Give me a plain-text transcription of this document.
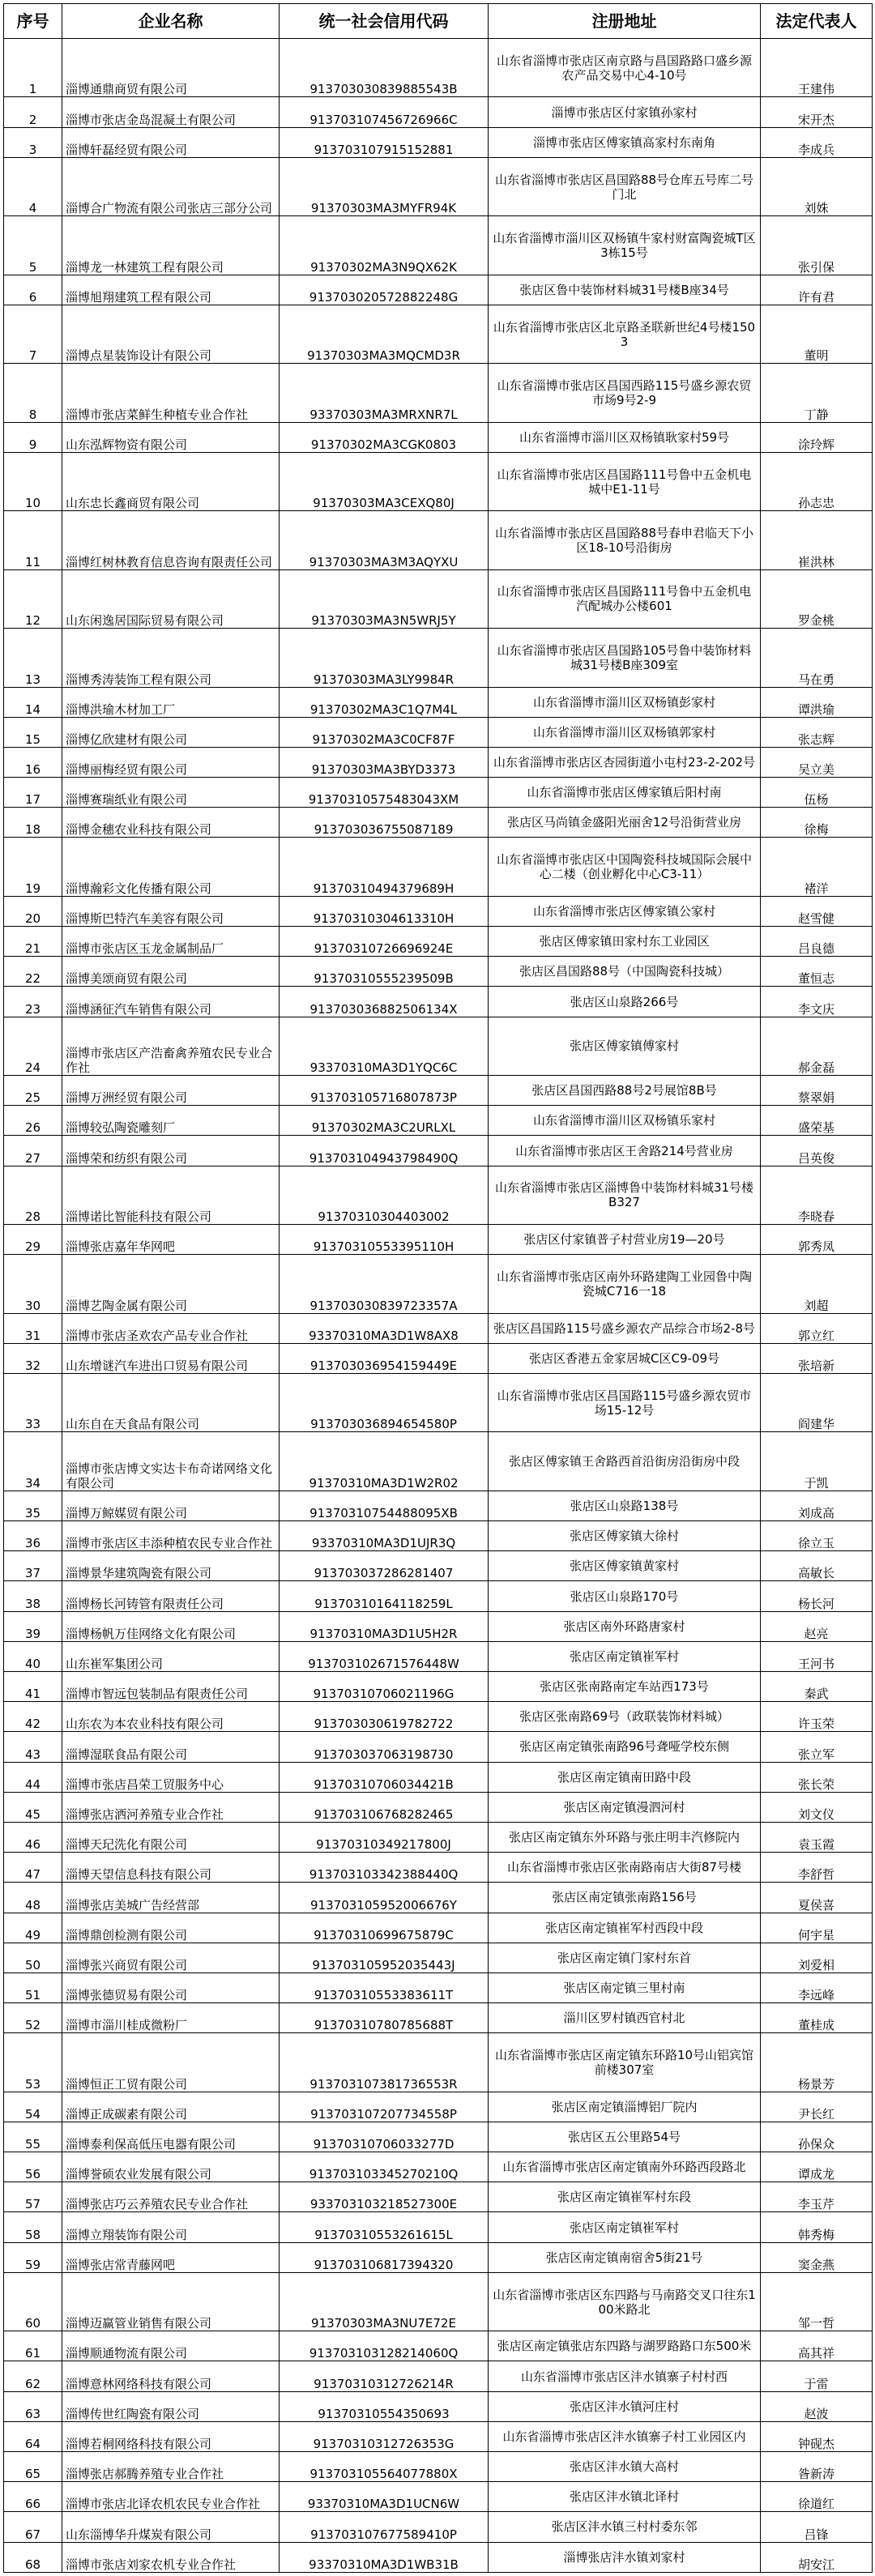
序号	企业名称	统一社会信用代码	注册地址	法定代表人
1	淄博通鼎商贸有限公司	913703030839885543B	山东省淄博市张店区南京路与昌国路路口盛乡源农产品交易中心4-10号	王建伟
2	淄博市张店金岛混凝土有限公司	913703107456726966C	淄博市张店区付家镇孙家村	宋开杰
3	淄博轩磊经贸有限公司	913703107915152881	淄博市张店区傅家镇高家村东南角	李成兵
4	淄博合广物流有限公司张店三部分公司	91370303MA3MYFR94K	山东省淄博市张店区昌国路88号仓库五号库二号门北	刘姝
5	淄博龙一林建筑工程有限公司	91370302MA3N9QX62K	山东省淄博市淄川区双杨镇牛家村财富陶瓷城T区3栋15号	张引保
6	淄博旭翔建筑工程有限公司	913703020572882248G	张店区鲁中装饰材料城31号楼B座34号	许有君
7	淄博点星装饰设计有限公司	91370303MA3MQCMD3R	山东省淄博市张店区北京路圣联新世纪4号楼1503	董明
8	淄博市张店菜鲜生种植专业合作社	93370303MA3MRXNR7L	山东省淄博市张店区昌国西路115号盛乡源农贸市场9号2-9	丁静
9	山东泓辉物资有限公司	91370302MA3CGK0803	山东省淄博市淄川区双杨镇耿家村59号	涂玲辉
10	山东忠长鑫商贸有限公司	91370303MA3CEXQ80J	山东省淄博市张店区昌国路111号鲁中五金机电城中E1-11号	孙志忠
11	淄博红树林教育信息咨询有限责任公司	91370303MA3M3AQYXU	山东省淄博市张店区昌国路88号春申君临天下小区18-10号沿街房	崔洪林
12	山东闲逸居国际贸易有限公司	91370303MA3N5WRJ5Y	山东省淄博市张店区昌国路111号鲁中五金机电汽配城办公楼601	罗金桃
13	淄博秀涛装饰工程有限公司	91370303MA3LY9984R	山东省淄博市张店区昌国路105号鲁中装饰材料城31号楼B座309室	马在勇
14	淄博洪瑜木材加工厂	91370302MA3C1Q7M4L	山东省淄博市淄川区双杨镇彭家村	谭洪瑜
15	淄博亿欣建材有限公司	91370302MA3C0CF87F	山东省淄博市淄川区双杨镇郭家村	张志辉
16	淄博丽梅经贸有限公司	91370303MA3BYD3373	山东省淄博市张店区杏园街道小屯村23-2-202号	吴立美
17	淄博赛瑞纸业有限公司	91370310575483043XM	山东省淄博市张店区傅家镇后阳村南	伍杨
18	淄博金穗农业科技有限公司	913703036755087189	张店区马尚镇金盛阳光丽舍12号沿街营业房	徐梅
19	淄博瀚彩文化传播有限公司	91370310494379689H	山东省淄博市张店区中国陶瓷科技城国际会展中心二楼（创业孵化中心C3-11）	褚洋
20	淄博斯巴特汽车美容有限公司	91370310304613310H	山东省淄博市张店区傅家镇公家村	赵雪健
21	淄博市张店区玉龙金属制品厂	91370310726696924E	张店区傅家镇田家村东工业园区	吕良德
22	淄博美颂商贸有限公司	91370310555239509B	张店区昌国路88号（中国陶瓷科技城）	董恒志
23	淄博涵征汽车销售有限公司	913703036882506134X	张店区山泉路266号	李文庆
24	淄博市张店区产浩畜禽养殖农民专业合作社	93370310MA3D1YQC6C	张店区傅家镇傅家村	郝金磊
25	淄博万洲经贸有限公司	913703105716807873P	张店区昌国西路88号2号展馆8B号	蔡翠娟
26	淄博较弘陶瓷雕刻厂	91370302MA3C2URLXL	山东省淄博市淄川区双杨镇乐家村	盛荣基
27	淄博荣和纺织有限公司	913703104943798490Q	山东省淄博市张店区王舍路214号营业房	吕英俊
28	淄博诺比智能科技有限公司	91370310304403002	山东省淄博市张店区淄博鲁中装饰材料城31号楼B327	李晓春
29	淄博张店嘉年华网吧	91370310553395110H	张店区付家镇普子村营业房19—20号	郭秀凤
30	淄博艺陶金属有限公司	913703030839723357A	山东省淄博市张店区南外环路建陶工业园鲁中陶瓷城C716一18	刘超
31	淄博市张店圣欢农产品专业合作社	93370310MA3D1W8AX8	张店区昌国路115号盛乡源农产品综合市场2-8号	郭立红
32	山东增谜汽车进出口贸易有限公司	913703036954159449E	张店区香港五金家居城C区C9-09号	张培新
33	山东自在天食品有限公司	913703036894654580P	山东省淄博市张店区昌国路115号盛乡源农贸市场15-12号	阎建华
34	淄博市张店博文实达卡布奇诺网络文化有限公司	91370310MA3D1W2R02	张店区傅家镇王舍路西首沿街房沿街房中段	于凯
35	淄博万鲸媒贸有限公司	91370310754488095XB	张店区山泉路138号	刘成高
36	淄博市张店区丰添种植农民专业合作社	93370310MA3D1UJR3Q	张店区傅家镇大徐村	徐立玉
37	淄博景华建筑陶瓷有限公司	913703037286281407	张店区傅家镇黄家村	高敏长
38	淄博杨长河铸管有限责任公司	91370310164118259L	张店区山泉路170号	杨长河
39	淄博杨帆万佳网络文化有限公司	91370310MA3D1U5H2R	张店区南外环路唐家村	赵亮
40	山东崔军集团公司	913703102671576448W	张店区南定镇崔军村	王河书
41	淄博市智远包装制品有限责任公司	91370310706021196G	张店区张南路南定车站西173号	秦武
42	山东农为本农业科技有限公司	913703030619782722	张店区张南路69号（政联装饰材料城）	许玉荣
43	淄博湿联食品有限公司	913703037063198730	张店区南定镇张南路96号聋哑学校东侧	张立军
44	淄博市张店昌荣工贸服务中心	91370310706034421B	张店区南定镇南田路中段	张长荣
45	淄博张店洒河养殖专业合作社	913703106768282465	张店区南定镇漫泗河村	刘文仪
46	淄博天玘洗化有限公司	91370310349217800J	张店区南定镇东外环路与张庄明丰汽修院内	袁玉霞
47	淄博天望信息科技有限公司	913703103342388440Q	山东省淄博市张店区张南路南店大街87号楼	李舒哲
48	淄博张店美城广告经营部	913703105952006676Y	张店区南定镇张南路156号	夏侯喜
49	淄博鼎创检测有限公司	91370310699675879C	张店区南定镇崔军村西段中段	何宇星
50	淄博张兴商贸有限公司	913703105952035443J	张店区南定镇门家村东首	刘爱相
51	淄博张德贸易有限公司	91370310553383611T	张店区南定镇三里村南	李远峰
52	淄博市淄川桂成微粉厂	91370310780785688T	淄川区罗村镇西官村北	董桂成
53	淄博恒正工贸有限公司	913703107381736553R	山东省淄博市张店区南定镇东环路10号山铝宾馆前楼307室	杨景芳
54	淄博正成碳素有限公司	913703107207734558P	张店区南定镇淄博铝厂院内	尹长红
55	淄博泰利保高低压电器有限公司	91370310706033277D	张店区五公里路54号	孙保众
56	淄博誉硕农业发展有限公司	913703103345270210Q	山东省淄博市张店区南定镇南外环路西段路北	谭成龙
57	淄博张店巧云养殖农民专业合作社	933703103218527300E	张店区南定镇崔军村东段	李玉芹
58	淄博立翔装饰有限公司	91370310553261615L	张店区南定镇崔军村	韩秀梅
59	淄博张店常青藤网吧	913703106817394320	张店区南定镇南宿舍5街21号	窦金燕
60	淄博迈赢管业销售有限公司	91370303MA3NU7E72E	山东省淄博市张店区东四路与马南路交叉口往东100米路北	邹一哲
61	淄博顺通物流有限公司	913703103128214060Q	张店区南定镇张店东四路与湖罗路路口东500米	高其祥
62	淄博意林网络科技有限公司	91370310312726214R	山东省淄博市张店区沣水镇寨子村村西	于雷
63	淄博传世红陶瓷有限公司	91370310554350693	张店区沣水镇河庄村	赵波
64	淄博若桐网络科技有限公司	91370310312726353G	山东省淄博市张店区沣水镇寨子村工业园区内	钟砚杰
65	淄博张店郝腾养殖专业合作社	913703105564077880X	张店区沣水镇大高村	昝新涛
66	淄博市张店北译农机农民专业合作社	93370310MA3D1UCN6W	张店区沣水镇北译村	徐道红
67	山东淄博华升煤炭有限公司	913703107677589410P	张店区沣水镇三村村委东邻	吕锋
68	淄博市张店刘家农机专业合作社	93370310MA3D1WB31B	淄博张店沣水镇刘家村	胡安江
